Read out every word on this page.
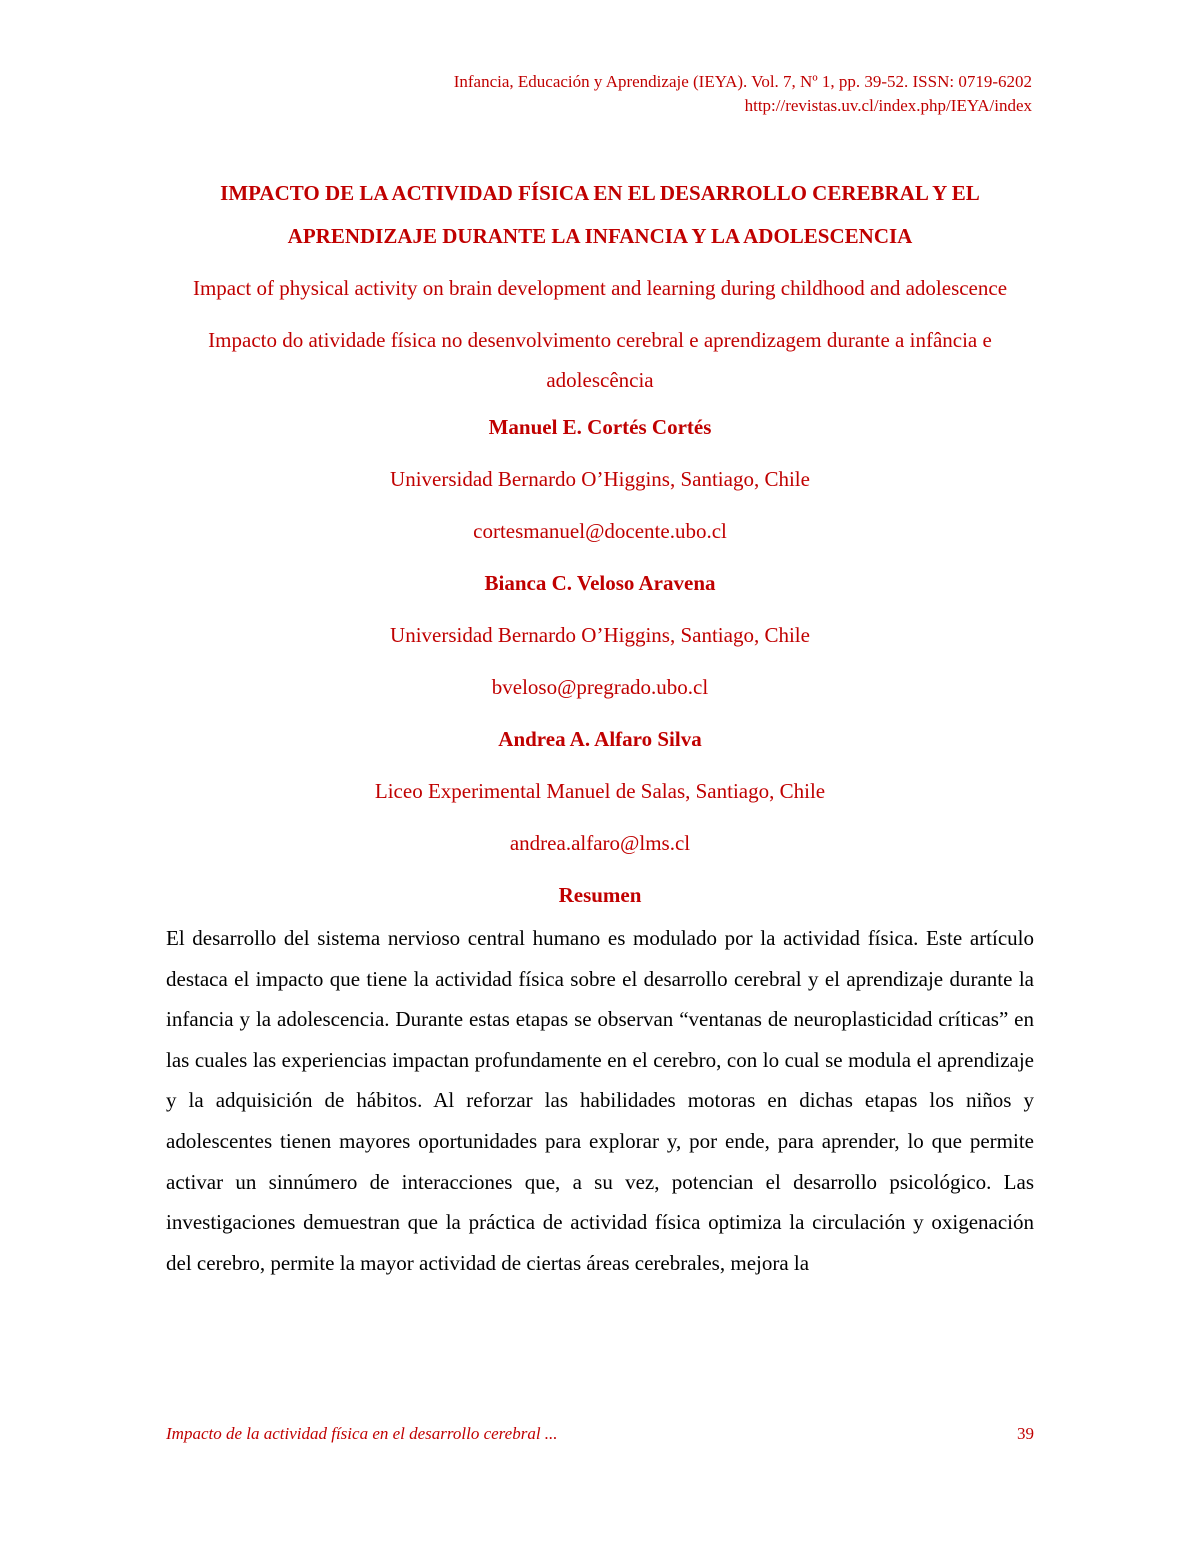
Infancia, Educación y Aprendizaje (IEYA). Vol. 7, Nº 1, pp. 39-52. ISSN: 0719-6202
http://revistas.uv.cl/index.php/IEYA/index

IMPACTO DE LA ACTIVIDAD FÍSICA EN EL DESARROLLO CEREBRAL Y EL
APRENDIZAJE DURANTE LA INFANCIA Y LA ADOLESCENCIA

Impact of physical activity on brain development and learning during childhood and adolescence

Impacto do atividade física no desenvolvimento cerebral e aprendizagem durante a infância e adolescência

Manuel E. Cortés Cortés

Universidad Bernardo O’Higgins, Santiago, Chile

cortesmanuel@docente.ubo.cl

Bianca C. Veloso Aravena

Universidad Bernardo O’Higgins, Santiago, Chile

bveloso@pregrado.ubo.cl

Andrea A. Alfaro Silva

Liceo Experimental Manuel de Salas, Santiago, Chile

andrea.alfaro@lms.cl

Resumen

El desarrollo del sistema nervioso central humano es modulado por la actividad física. Este artículo destaca el impacto que tiene la actividad física sobre el desarrollo cerebral y el aprendizaje durante la infancia y la adolescencia. Durante estas etapas se observan “ventanas de neuroplasticidad críticas” en las cuales las experiencias impactan profundamente en el cerebro, con lo cual se modula el aprendizaje y la adquisición de hábitos. Al reforzar las habilidades motoras en dichas etapas los niños y adolescentes tienen mayores oportunidades para explorar y, por ende, para aprender, lo que permite activar un sinnúmero de interacciones que, a su vez, potencian el desarrollo psicológico. Las investigaciones demuestran que la práctica de actividad física optimiza la circulación y oxigenación del cerebro, permite la mayor actividad de ciertas áreas cerebrales, mejora la

Impacto de la actividad física en el desarrollo cerebral ...	39
